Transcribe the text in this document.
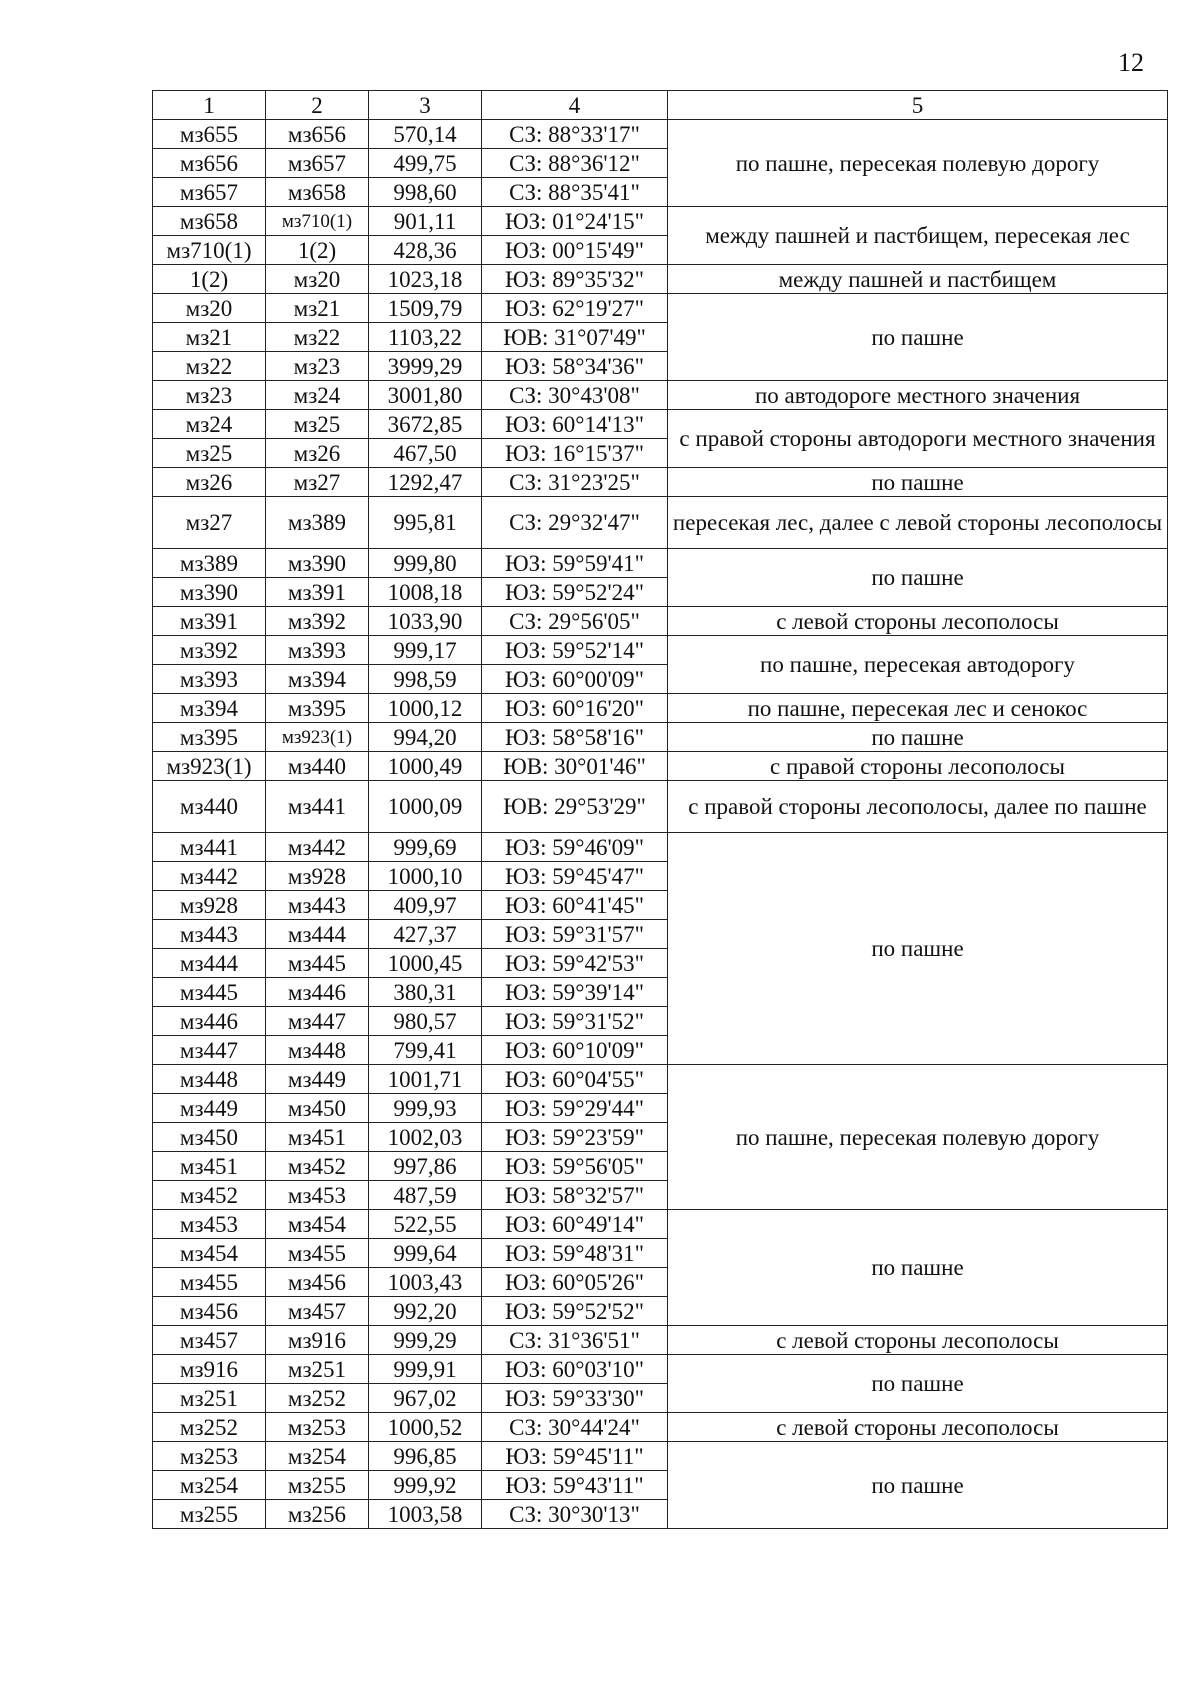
12
1	2	3	4	5
мз655	мз656	570,14	СЗ: 88°33'17"	по пашне, пересекая полевую дорогу
мз656	мз657	499,75	СЗ: 88°36'12"	
мз657	мз658	998,60	СЗ: 88°35'41"	
мз658	мз710(1)	901,11	ЮЗ: 01°24'15"	между пашней и пастбищем, пересекая лес
мз710(1)	1(2)	428,36	ЮЗ: 00°15'49"	
1(2)	мз20	1023,18	ЮЗ: 89°35'32"	между пашней и пастбищем
мз20	мз21	1509,79	ЮЗ: 62°19'27"	по пашне
мз21	мз22	1103,22	ЮВ: 31°07'49"	
мз22	мз23	3999,29	ЮЗ: 58°34'36"	
мз23	мз24	3001,80	СЗ: 30°43'08"	по автодороге местного значения
мз24	мз25	3672,85	ЮЗ: 60°14'13"	с правой стороны автодороги местного значения
мз25	мз26	467,50	ЮЗ: 16°15'37"	
мз26	мз27	1292,47	СЗ: 31°23'25"	по пашне
мз27	мз389	995,81	СЗ: 29°32'47"	пересекая лес, далее с левой стороны лесополосы
мз389	мз390	999,80	ЮЗ: 59°59'41"	по пашне
мз390	мз391	1008,18	ЮЗ: 59°52'24"	
мз391	мз392	1033,90	СЗ: 29°56'05"	с левой стороны лесополосы
мз392	мз393	999,17	ЮЗ: 59°52'14"	по пашне, пересекая автодорогу
мз393	мз394	998,59	ЮЗ: 60°00'09"	
мз394	мз395	1000,12	ЮЗ: 60°16'20"	по пашне, пересекая лес и сенокос
мз395	мз923(1)	994,20	ЮЗ: 58°58'16"	по пашне
мз923(1)	мз440	1000,49	ЮВ: 30°01'46"	с правой стороны лесополосы
мз440	мз441	1000,09	ЮВ: 29°53'29"	с правой стороны лесополосы, далее по пашне
мз441	мз442	999,69	ЮЗ: 59°46'09"	по пашне
мз442	мз928	1000,10	ЮЗ: 59°45'47"	
мз928	мз443	409,97	ЮЗ: 60°41'45"	
мз443	мз444	427,37	ЮЗ: 59°31'57"	
мз444	мз445	1000,45	ЮЗ: 59°42'53"	
мз445	мз446	380,31	ЮЗ: 59°39'14"	
мз446	мз447	980,57	ЮЗ: 59°31'52"	
мз447	мз448	799,41	ЮЗ: 60°10'09"	
мз448	мз449	1001,71	ЮЗ: 60°04'55"	по пашне, пересекая полевую дорогу
мз449	мз450	999,93	ЮЗ: 59°29'44"	
мз450	мз451	1002,03	ЮЗ: 59°23'59"	
мз451	мз452	997,86	ЮЗ: 59°56'05"	
мз452	мз453	487,59	ЮЗ: 58°32'57"	
мз453	мз454	522,55	ЮЗ: 60°49'14"	по пашне
мз454	мз455	999,64	ЮЗ: 59°48'31"	
мз455	мз456	1003,43	ЮЗ: 60°05'26"	
мз456	мз457	992,20	ЮЗ: 59°52'52"	
мз457	мз916	999,29	СЗ: 31°36'51"	с левой стороны лесополосы
мз916	мз251	999,91	ЮЗ: 60°03'10"	по пашне
мз251	мз252	967,02	ЮЗ: 59°33'30"	
мз252	мз253	1000,52	СЗ: 30°44'24"	с левой стороны лесополосы
мз253	мз254	996,85	ЮЗ: 59°45'11"	по пашне
мз254	мз255	999,92	ЮЗ: 59°43'11"	
мз255	мз256	1003,58	СЗ: 30°30'13"	
